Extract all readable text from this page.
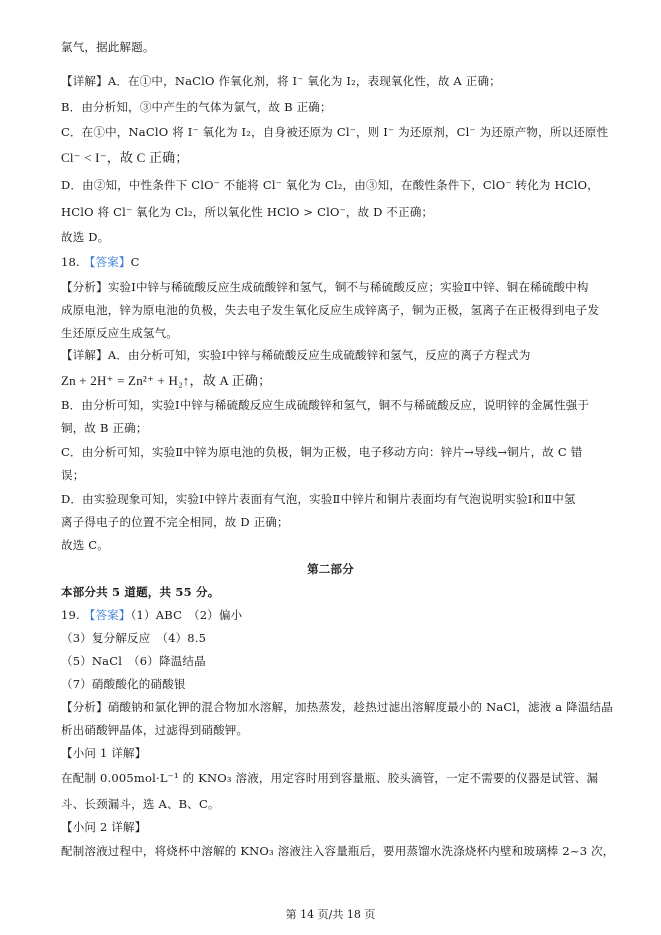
氯气，据此解题。
【详解】A．在①中，NaClO 作氧化剂，将 I⁻ 氧化为 I₂，表现氧化性，故 A 正确；
B．由分析知，③中产生的气体为氯气，故 B 正确；
C．在①中，NaClO 将 I⁻ 氧化为 I₂，自身被还原为 Cl⁻，则 I⁻ 为还原剂，Cl⁻ 为还原产物，所以还原性
Cl⁻ < I⁻，故 C 正确；
D．由②知，中性条件下 ClO⁻ 不能将 Cl⁻ 氧化为 Cl₂，由③知，在酸性条件下，ClO⁻ 转化为 HClO，
HClO 将 Cl⁻ 氧化为 Cl₂，所以氧化性 HClO > ClO⁻，故 D 不正确；
故选 D。
18. 【答案】C
【分析】实验Ⅰ中锌与稀硫酸反应生成硫酸锌和氢气，铜不与稀硫酸反应；实验Ⅱ中锌、铜在稀硫酸中构
成原电池，锌为原电池的负极，失去电子发生氧化反应生成锌离子，铜为正极，氢离子在正极得到电子发
生还原反应生成氢气。
【详解】A．由分析可知，实验Ⅰ中锌与稀硫酸反应生成硫酸锌和氢气，反应的离子方程式为
Zn + 2H⁺ = Zn²⁺ + H₂↑，故 A 正确；
B．由分析可知，实验Ⅰ中锌与稀硫酸反应生成硫酸锌和氢气，铜不与稀硫酸反应，说明锌的金属性强于
铜，故 B 正确；
C．由分析可知，实验Ⅱ中锌为原电池的负极，铜为正极，电子移动方向：锌片→导线→铜片，故 C 错
误；
D．由实验现象可知，实验Ⅰ中锌片表面有气泡，实验Ⅱ中锌片和铜片表面均有气泡说明实验Ⅰ和Ⅱ中氢
离子得电子的位置不完全相同，故 D 正确；
故选 C。
第二部分
本部分共 5 道题，共 55 分。
19. 【答案】（1）ABC　（2）偏小
（3）复分解反应　（4）8.5
（5）NaCl　（6）降温结晶
（7）硝酸酸化的硝酸银
【分析】硝酸钠和氯化钾的混合物加水溶解，加热蒸发，趁热过滤出溶解度最小的 NaCl，滤液 a 降温结晶
析出硝酸钾晶体，过滤得到硝酸钾。
【小问 1 详解】
在配制 0.005mol·L⁻¹ 的 KNO₃ 溶液，用定容时用到容量瓶、胶头滴管，一定不需要的仪器是试管、漏
斗、长颈漏斗，选 A、B、C。
【小问 2 详解】
配制溶液过程中，将烧杯中溶解的 KNO₃ 溶液注入容量瓶后，要用蒸馏水洗涤烧杯内壁和玻璃棒 2~3 次，
第 14 页/共 18 页
